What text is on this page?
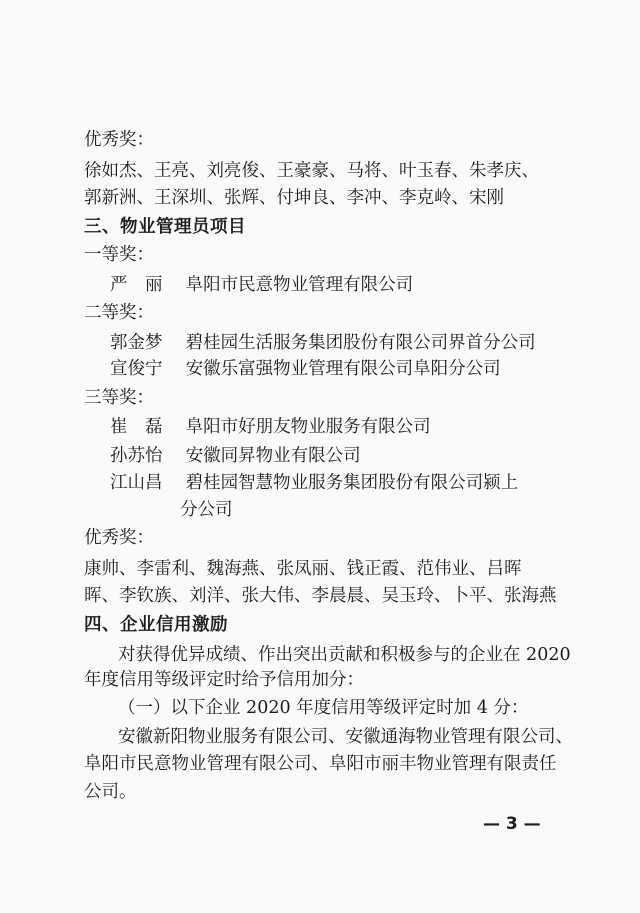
优秀奖：
徐如杰、王亮、刘亮俊、王豪豪、马将、叶玉春、朱孝庆、
郭新洲、王深圳、张辉、付坤良、李冲、李克岭、宋刚
三、物业管理员项目
一等奖：
严　丽 阜阳市民意物业管理有限公司
二等奖：
郭金梦 碧桂园生活服务集团股份有限公司界首分公司
宣俊宁 安徽乐富强物业管理有限公司阜阳分公司
三等奖：
崔　磊 阜阳市好朋友物业服务有限公司
孙苏怡 安徽同昇物业有限公司
江山昌 碧桂园智慧物业服务集团股份有限公司颍上
分公司
优秀奖：
康帅、李雷利、魏海燕、张凤丽、钱正霞、范伟业、吕晖
晖、李钦族、刘洋、张大伟、李晨晨、吴玉玲、卜平、张海燕
四、企业信用激励
对获得优异成绩、作出突出贡献和积极参与的企业在 2020
年度信用等级评定时给予信用加分：
（一）以下企业 2020 年度信用等级评定时加 4 分：
安徽新阳物业服务有限公司、安徽通海物业管理有限公司、
阜阳市民意物业管理有限公司、阜阳市丽丰物业管理有限责任
公司。
— 3 —
